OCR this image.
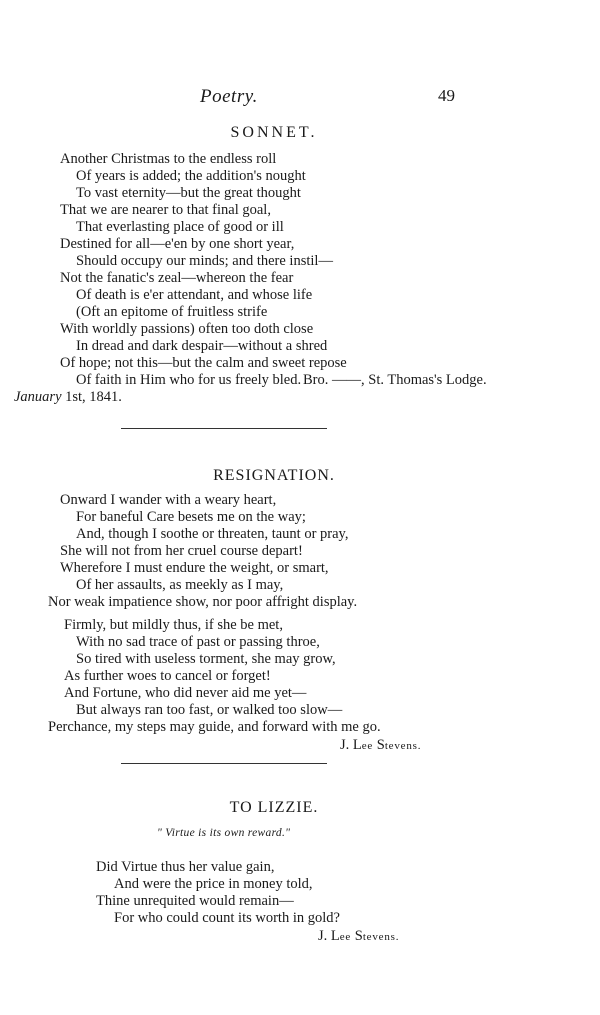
Poetry.	49
SONNET.
Another Christmas to the endless roll
Of years is added; the addition's nought
To vast eternity—but the great thought
That we are nearer to that final goal,
That everlasting place of good or ill
Destined for all—e'en by one short year,
Should occupy our minds; and there instil—
Not the fanatic's zeal—whereon the fear
Of death is e'er attendant, and whose life
(Oft an epitome of fruitless strife
With worldly passions) often too doth close
In dread and dark despair—without a shred
Of hope; not this—but the calm and sweet repose
Of faith in Him who for us freely bled. Bro. ——, St. Thomas's Lodge.
January 1st, 1841.
RESIGNATION.
Onward I wander with a weary heart,
For baneful Care besets me on the way;
And, though I soothe or threaten, taunt or pray,
She will not from her cruel course depart!
Wherefore I must endure the weight, or smart,
Of her assaults, as meekly as I may,
Nor weak impatience show, nor poor affright display.
Firmly, but mildly thus, if she be met,
With no sad trace of past or passing throe,
So tired with useless torment, she may grow,
As further woes to cancel or forget!
And Fortune, who did never aid me yet—
But always ran too fast, or walked too slow—
Perchance, my steps may guide, and forward with me go.
J. Lee Stevens.
TO LIZZIE.
" Virtue is its own reward."
Did Virtue thus her value gain,
And were the price in money told,
Thine unrequited would remain—
For who could count its worth in gold?
J. Lee Stevens.
